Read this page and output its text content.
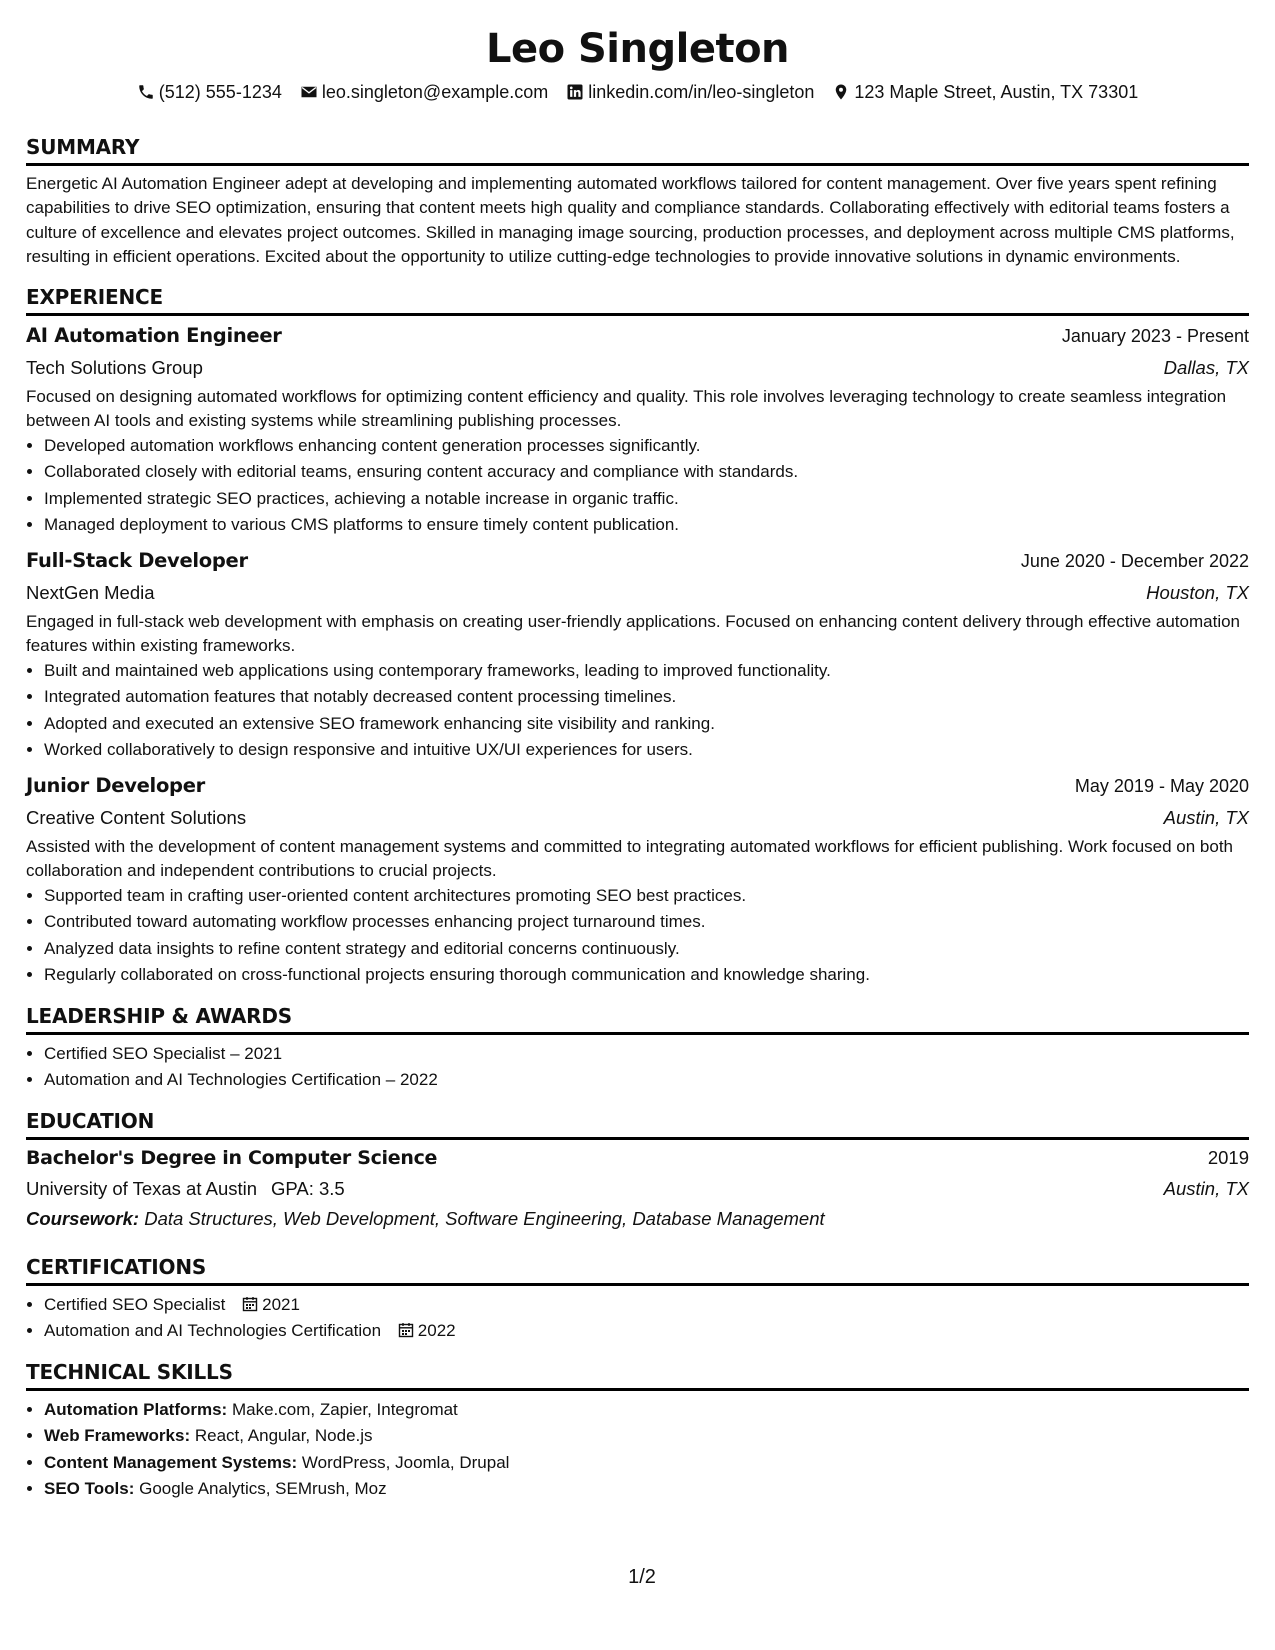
Leo Singleton
(512) 555-1234 leo.singleton@example.com linkedin.com/in/leo-singleton 123 Maple Street, Austin, TX 73301
SUMMARY
Energetic AI Automation Engineer adept at developing and implementing automated workflows tailored for content management. Over five years spent refining capabilities to drive SEO optimization, ensuring that content meets high quality and compliance standards. Collaborating effectively with editorial teams fosters a culture of excellence and elevates project outcomes. Skilled in managing image sourcing, production processes, and deployment across multiple CMS platforms, resulting in efficient operations. Excited about the opportunity to utilize cutting-edge technologies to provide innovative solutions in dynamic environments.
EXPERIENCE
AI Automation Engineer	January 2023 - Present
Tech Solutions Group	Dallas, TX
Focused on designing automated workflows for optimizing content efficiency and quality. This role involves leveraging technology to create seamless integration between AI tools and existing systems while streamlining publishing processes.
• Developed automation workflows enhancing content generation processes significantly.
• Collaborated closely with editorial teams, ensuring content accuracy and compliance with standards.
• Implemented strategic SEO practices, achieving a notable increase in organic traffic.
• Managed deployment to various CMS platforms to ensure timely content publication.
Full-Stack Developer	June 2020 - December 2022
NextGen Media	Houston, TX
Engaged in full-stack web development with emphasis on creating user-friendly applications. Focused on enhancing content delivery through effective automation features within existing frameworks.
• Built and maintained web applications using contemporary frameworks, leading to improved functionality.
• Integrated automation features that notably decreased content processing timelines.
• Adopted and executed an extensive SEO framework enhancing site visibility and ranking.
• Worked collaboratively to design responsive and intuitive UX/UI experiences for users.
Junior Developer	May 2019 - May 2020
Creative Content Solutions	Austin, TX
Assisted with the development of content management systems and committed to integrating automated workflows for efficient publishing. Work focused on both collaboration and independent contributions to crucial projects.
• Supported team in crafting user-oriented content architectures promoting SEO best practices.
• Contributed toward automating workflow processes enhancing project turnaround times.
• Analyzed data insights to refine content strategy and editorial concerns continuously.
• Regularly collaborated on cross-functional projects ensuring thorough communication and knowledge sharing.
LEADERSHIP & AWARDS
• Certified SEO Specialist – 2021
• Automation and AI Technologies Certification – 2022
EDUCATION
Bachelor's Degree in Computer Science	2019
University of Texas at Austin GPA: 3.5	Austin, TX
Coursework: Data Structures, Web Development, Software Engineering, Database Management
CERTIFICATIONS
• Certified SEO Specialist 2021
• Automation and AI Technologies Certification 2022
TECHNICAL SKILLS
• Automation Platforms: Make.com, Zapier, Integromat
• Web Frameworks: React, Angular, Node.js
• Content Management Systems: WordPress, Joomla, Drupal
• SEO Tools: Google Analytics, SEMrush, Moz
1/2
